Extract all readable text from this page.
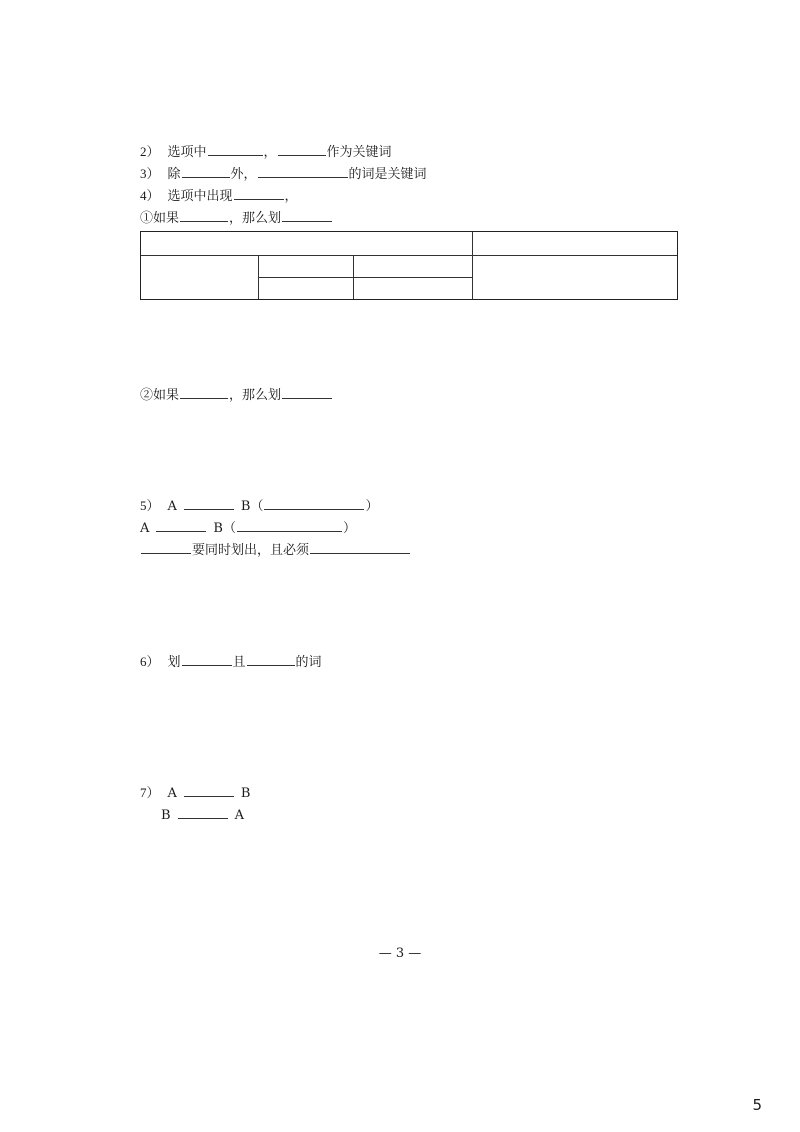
2） 选项中	，	作为关键词
3） 除	外，	的词是关键词
4） 选项中出现	，
①如果	，那么划
②如果	，那么划
5） A	B（	）
A	B（	）
要同时划出，且必须
6） 划	且	的词
7） A	B
B	A
— 3 —
5
